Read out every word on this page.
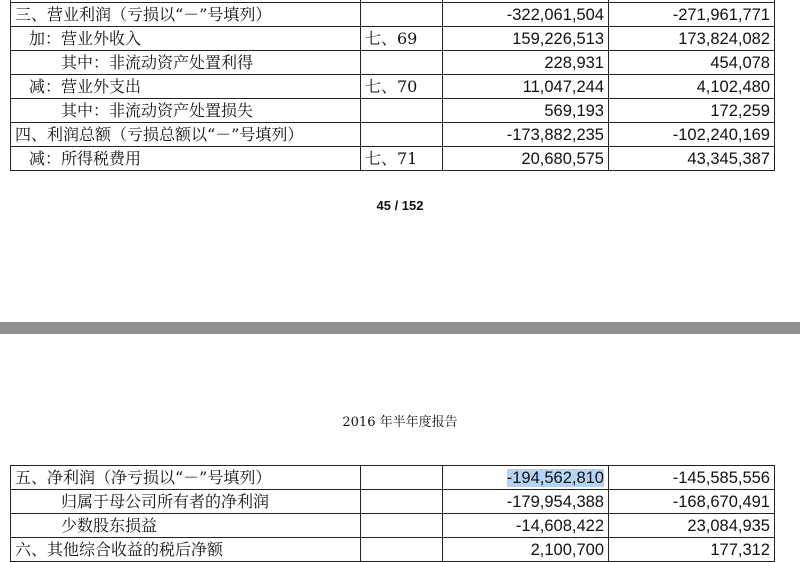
三、营业利润（亏损以“－”号填列）		-322,061,504	-271,961,771
加：营业外收入	七、69	159,226,513	173,824,082
其中：非流动资产处置利得		228,931	454,078
减：营业外支出	七、70	11,047,244	4,102,480
其中：非流动资产处置损失		569,193	172,259
四、利润总额（亏损总额以“－”号填列）		-173,882,235	-102,240,169
减：所得税费用	七、71	20,680,575	43,345,387
45 / 152
2016 年半年度报告
五、净利润（净亏损以“－”号填列）		-194,562,810	-145,585,556
归属于母公司所有者的净利润		-179,954,388	-168,670,491
少数股东损益		-14,608,422	23,084,935
六、其他综合收益的税后净额		2,100,700	177,312
